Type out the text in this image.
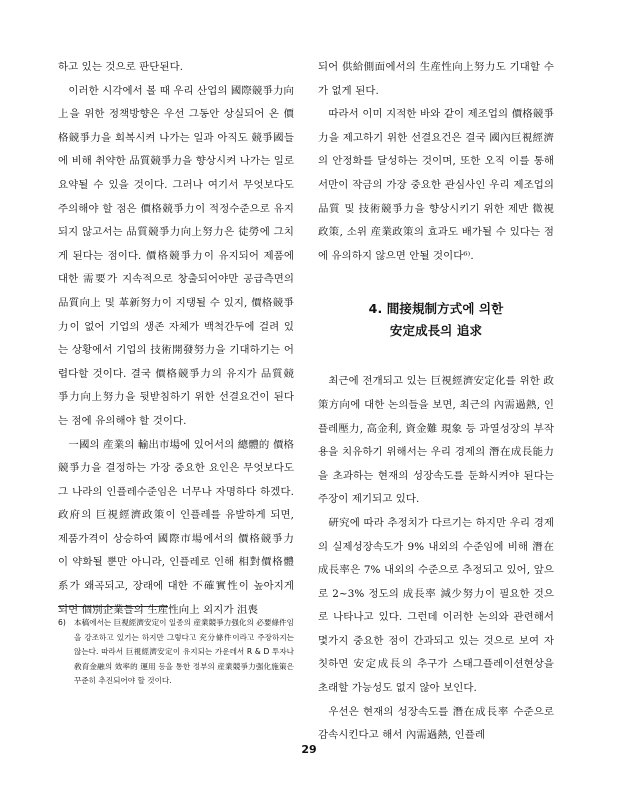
하고 있는 것으로 판단된다.

이러한 시각에서 볼 때 우리 산업의 國際競爭力向上을 위한 정책방향은 우선 그동안 상실되어 온 價格競爭力을 회복시켜 나가는 일과 아직도 競爭國들에 비해 취약한 品質競爭力을 향상시켜 나가는 일로 요약될 수 있을 것이다. 그러나 여기서 무엇보다도 주의해야 할 점은 價格競爭力이 적정수준으로 유지되지 않고서는 品質競爭力向上努力은 徒勞에 그치게 된다는 점이다. 價格競爭力이 유지되어 제품에 대한 需要가 지속적으로 창출되어야만 공급측면의 品質向上 및 革新努力이 지탱될 수 있지, 價格競爭力이 없어 기업의 생존 자체가 백척간두에 걸려 있는 상황에서 기업의 技術開發努力을 기대하기는 어렵다할 것이다. 결국 價格競爭力의 유지가 品質競爭力向上努力을 뒷받침하기 위한 선결요건이 된다는 점에 유의해야 할 것이다.

一國의 産業의 輸出市場에 있어서의 總體的 價格競爭力을 결정하는 가장 중요한 요인은 무엇보다도 그 나라의 인플레수준임은 너무나 자명하다 하겠다. 政府의 巨視經濟政策이 인플레를 유발하게 되면, 제품가격이 상승하여 國際市場에서의 價格競爭力이 약화될 뿐만 아니라, 인플레로 인해 相對價格體系가 왜곡되고, 장래에 대한 不確實性이 높아지게 되면 個別企業들의 生産性向上 외지가 沮喪

6)	本稿에서는 巨視經濟安定이 일종의 産業競爭力强化의 必要條件임을 강조하고 있기는 하지만 그렇다고 充分條件이라고 주장하지는 않는다. 따라서 巨視經濟安定이 유지되는 가운데서 R & D 투자나 敎育金融의 效率的 運用 등을 통한 정부의 産業競爭力强化施策은 꾸준히 추진되어야 할 것이다.

되어 供給側面에서의 生産性向上努力도 기대할 수가 없게 된다.

따라서 이미 지적한 바와 같이 제조업의 價格競爭力을 제고하기 위한 선결요건은 결국 國內巨視經濟의 안정화를 달성하는 것이며, 또한 오직 이를 통해서만이 작금의 가장 중요한 관심사인 우리 제조업의 品質 및 技術競爭力을 향상시키기 위한 제반 微視政策, 소위 産業政策의 효과도 배가될 수 있다는 점에 유의하지 않으면 안될 것이다⁶⁾.

4. 間接規制方式에 의한
安定成長의 追求

최근에 전개되고 있는 巨視經濟安定化를 위한 政策方向에 대한 논의들을 보면, 최근의 內需過熱, 인플레壓力, 高金利, 資金難 現象 등 과열성장의 부작용을 치유하기 위해서는 우리 경제의 潛在成長能力을 초과하는 현재의 성장속도를 둔화시켜야 된다는 주장이 제기되고 있다.

硏究에 따라 추정치가 다르기는 하지만 우리 경제의 실제성장속도가 9% 내외의 수준임에 비해 潛在成長率은 7% 내외의 수준으로 추정되고 있어, 앞으로 2~3% 정도의 成長率 減少努力이 필요한 것으로 나타나고 있다. 그런데 이러한 논의와 관련해서 몇가지 중요한 점이 간과되고 있는 것으로 보여 자칫하면 安定成長의 추구가 스태그플레이션현상을 초래할 가능성도 없지 않아 보인다.

우선은 현재의 성장속도를 潛在成長率 수준으로 감속시킨다고 해서 內需過熱, 인플레

29
